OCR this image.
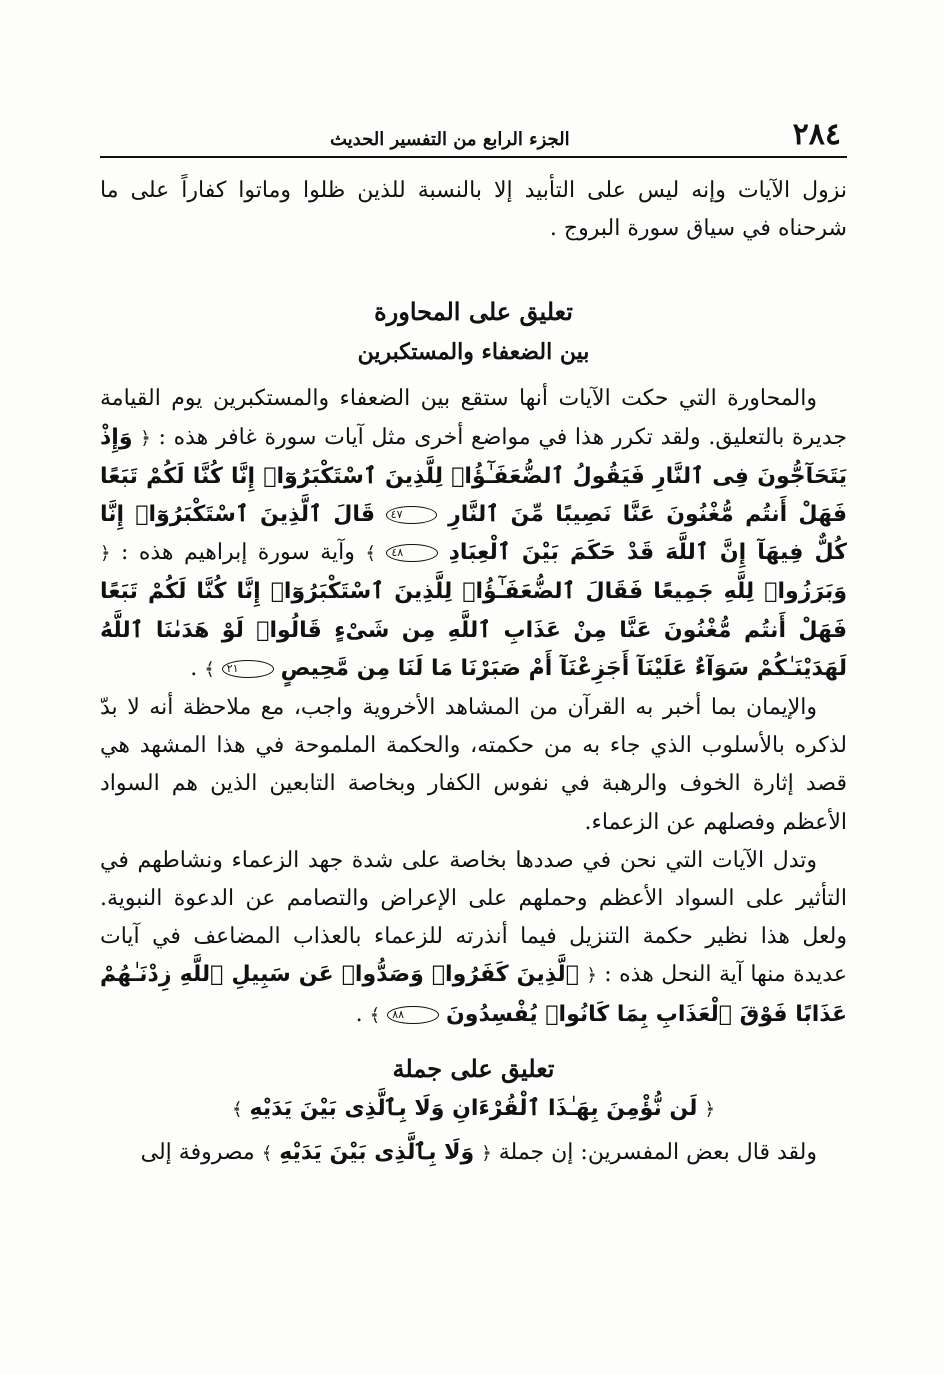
٢٨٤
الجزء الرابع من التفسير الحديث

نزول الآيات وإنه ليس على التأبيد إلا بالنسبة للذين ظلوا وماتوا كفاراً على ما شرحناه في سياق سورة البروج .

تعليق على المحاورة

بين الضعفاء والمستكبرين

والمحاورة التي حكت الآيات أنها ستقع بين الضعفاء والمستكبرين يوم القيامة جديرة بالتعليق. ولقد تكرر هذا في مواضع أخرى مثل آيات سورة غافر هذه : ﴿ وَإِذْ يَتَحَآجُّونَ فِى ٱلنَّارِ فَيَقُولُ ٱلضُّعَفَـٰٓؤُا۟ لِلَّذِينَ ٱسْتَكْبَرُوٓا۟ إِنَّا كُنَّا لَكُمْ تَبَعًا فَهَلْ أَنتُم مُّغْنُونَ عَنَّا نَصِيبًا مِّنَ ٱلنَّارِ ٤٧ قَالَ ٱلَّذِينَ ٱسْتَكْبَرُوٓا۟ إِنَّا كُلٌّ فِيهَآ إِنَّ ٱللَّهَ قَدْ حَكَمَ بَيْنَ ٱلْعِبَادِ ٤٨ ﴾ وآية سورة إبراهيم هذه : ﴿ وَبَرَزُوا۟ لِلَّهِ جَمِيعًا فَقَالَ ٱلضُّعَفَـٰٓؤُا۟ لِلَّذِينَ ٱسْتَكْبَرُوٓا۟ إِنَّا كُنَّا لَكُمْ تَبَعًا فَهَلْ أَنتُم مُّغْنُونَ عَنَّا مِنْ عَذَابِ ٱللَّهِ مِن شَىْءٍ قَالُوا۟ لَوْ هَدَىٰنَا ٱللَّهُ لَهَدَيْنَـٰكُمْ سَوَآءٌ عَلَيْنَآ أَجَزِعْنَآ أَمْ صَبَرْنَا مَا لَنَا مِن مَّحِيصٍ ٢١ ﴾ .

والإيمان بما أخبر به القرآن من المشاهد الأخروية واجب، مع ملاحظة أنه لا بدّ لذكره بالأسلوب الذي جاء به من حكمته، والحكمة الملموحة في هذا المشهد هي قصد إثارة الخوف والرهبة في نفوس الكفار وبخاصة التابعين الذين هم السواد الأعظم وفصلهم عن الزعماء.

وتدل الآيات التي نحن في صددها بخاصة على شدة جهد الزعماء ونشاطهم في التأثير على السواد الأعظم وحملهم على الإعراض والتصامم عن الدعوة النبوية. ولعل هذا نظير حكمة التنزيل فيما أنذرته للزعماء بالعذاب المضاعف في آيات عديدة منها آية النحل هذه : ﴿ ٱلَّذِينَ كَفَرُوا۟ وَصَدُّوا۟ عَن سَبِيلِ ٱللَّهِ زِدْنَـٰهُمْ عَذَابًا فَوْقَ ٱلْعَذَابِ بِمَا كَانُوا۟ يُفْسِدُونَ ٨٨ ﴾ .

تعليق على جملة

﴿ لَن نُّؤْمِنَ بِهَـٰذَا ٱلْقُرْءَانِ وَلَا بِٱلَّذِى بَيْنَ يَدَيْهِ ﴾

ولقد قال بعض المفسرين: إن جملة ﴿ وَلَا بِٱلَّذِى بَيْنَ يَدَيْهِ ﴾ مصروفة إلى
